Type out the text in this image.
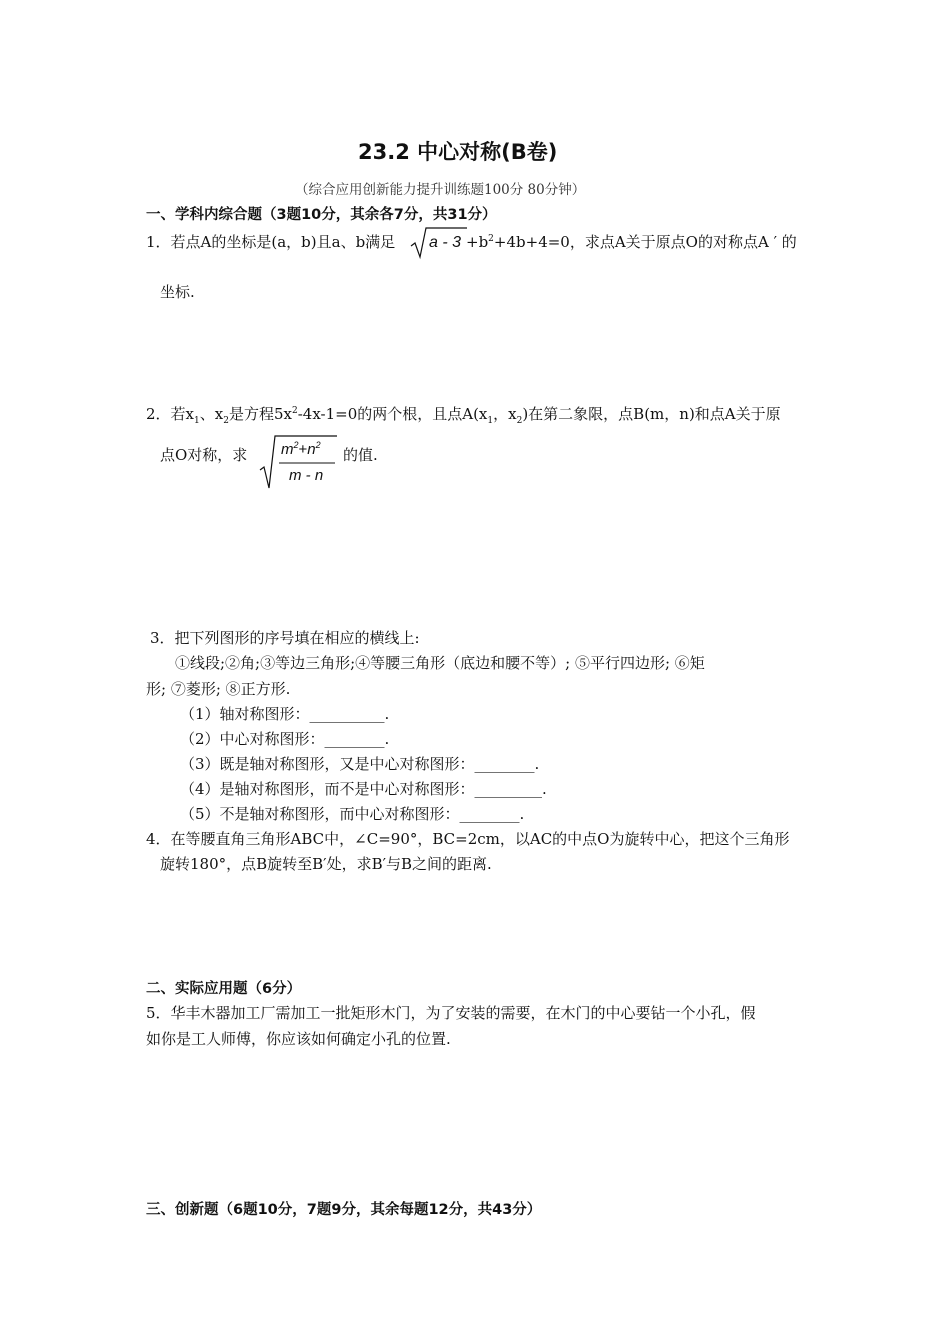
23.2 中心对称(B卷)
（综合应用创新能力提升训练题100分 80分钟）
一、学科内综合题（3题10分，其余各7分，共31分）
1．若点A的坐标是(a，b)且a、b满足 $a - 3 +b^2+4b+4=0$，求点A关于原点O的对称点A ′ 的
坐标.
2．若$x_1$、$x_2$是方程$5x^2-4x-1=0$的两个根，且点$A(x_1$，$x_2$)在第二象限，点B(m，n)和点A关于原
点O对称，求 $m^2+n^2$
m - n
的值.
3．把下列图形的序号填在相应的横线上:
①线段;②角;③等边三角形;④等腰三角形（底边和腰不等）; ⑤平行四边形; ⑥矩
形; ⑦菱形; ⑧正方形.
（1）轴对称图形：__________.
（2）中心对称图形：________.
（3）既是轴对称图形，又是中心对称图形：________.
（4）是轴对称图形，而不是中心对称图形：_________.
（5）不是轴对称图形，而中心对称图形：________.
4．在等腰直角三角形ABC中，∠C=90°，BC=2cm，以AC的中点O为旋转中心，把这个三角形
旋转180°，点B旋转至B′处，求B′与B之间的距离.
二、实际应用题（6分）
5．华丰木器加工厂需加工一批矩形木门，为了安装的需要，在木门的中心要钻一个小孔，假
如你是工人师傅，你应该如何确定小孔的位置.
三、创新题（6题10分，7题9分，其余每题12分，共43分）
